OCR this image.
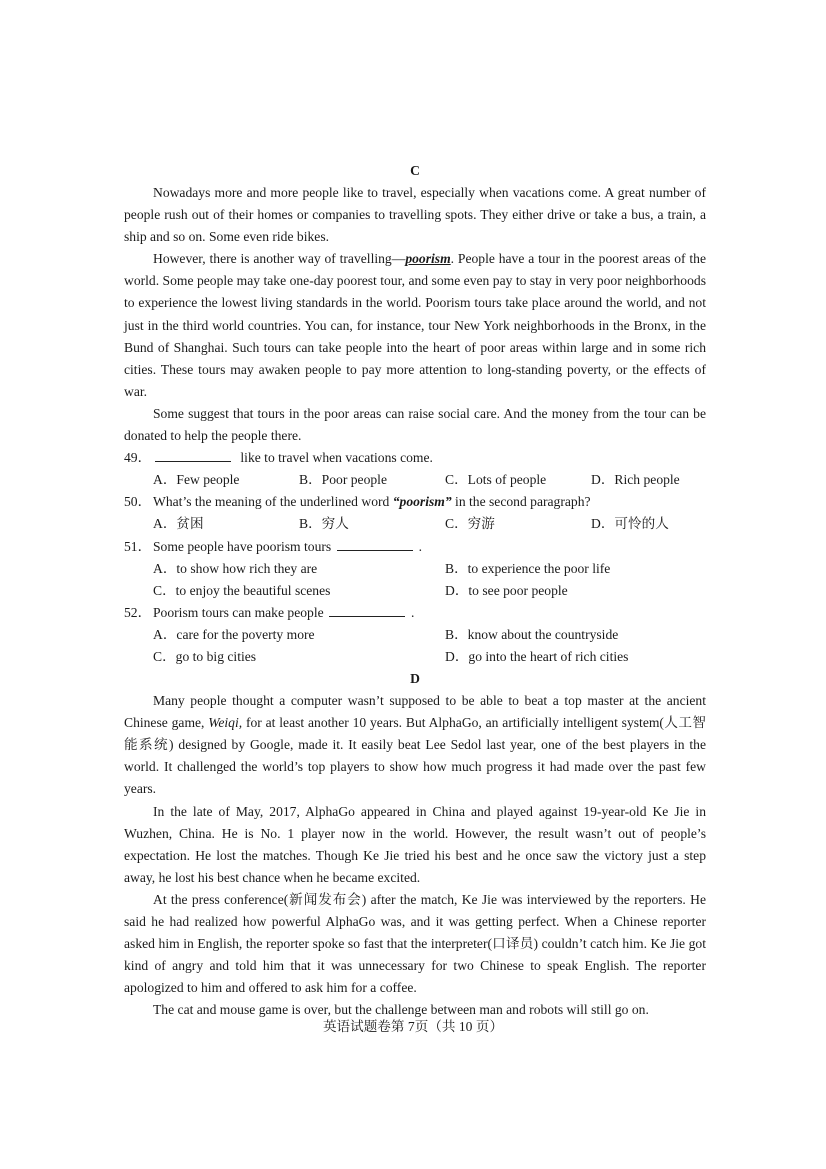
C

Nowadays more and more people like to travel, especially when vacations come. A great number of people rush out of their homes or companies to travelling spots. They either drive or take a bus, a train, a ship and so on. Some even ride bikes.

However, there is another way of travelling—poorism. People have a tour in the poorest areas of the world. Some people may take one-day poorest tour, and some even pay to stay in very poor neighborhoods to experience the lowest living standards in the world. Poorism tours take place around the world, and not just in the third world countries. You can, for instance, tour New York neighborhoods in the Bronx, in the Bund of Shanghai. Such tours can take people into the heart of poor areas within large and in some rich cities. These tours may awaken people to pay more attention to long-standing poverty, or the effects of war.

Some suggest that tours in the poor areas can raise social care. And the money from the tour can be donated to help the people there.

49．	like to travel when vacations come.
A．Few people	B．Poor people	C．Lots of people	D．Rich people
50． What’s the meaning of the underlined word “poorism” in the second paragraph?
A．贫困	B．穷人	C．穷游	D．可怜的人
51． Some people have poorism tours	.
A．to show how rich they are	B．to experience the poor life
C．to enjoy the beautiful scenes	D．to see poor people
52． Poorism tours can make people	.
A．care for the poverty more	B．know about the countryside
C．go to big cities	D．go into the heart of rich cities
D

Many people thought a computer wasn’t supposed to be able to beat a top master at the ancient Chinese game, Weiqi, for at least another 10 years. But AlphaGo, an artificially intelligent system(人工智能系统) designed by Google, made it. It easily beat Lee Sedol last year, one of the best players in the world. It challenged the world’s top players to show how much progress it had made over the past few years.

In the late of May, 2017, AlphaGo appeared in China and played against 19-year-old Ke Jie in Wuzhen, China. He is No. 1 player now in the world. However, the result wasn’t out of people’s expectation. He lost the matches. Though Ke Jie tried his best and he once saw the victory just a step away, he lost his best chance when he became excited.

At the press conference(新闻发布会) after the match, Ke Jie was interviewed by the reporters. He said he had realized how powerful AlphaGo was, and it was getting perfect. When a Chinese reporter asked him in English, the reporter spoke so fast that the interpreter(口译员) couldn’t catch him. Ke Jie got kind of angry and told him that it was unnecessary for two Chinese to speak English. The reporter apologized to him and offered to ask him for a coffee.

The cat and mouse game is over, but the challenge between man and robots will still go on.

英语试题卷第 7页（共 10 页）
